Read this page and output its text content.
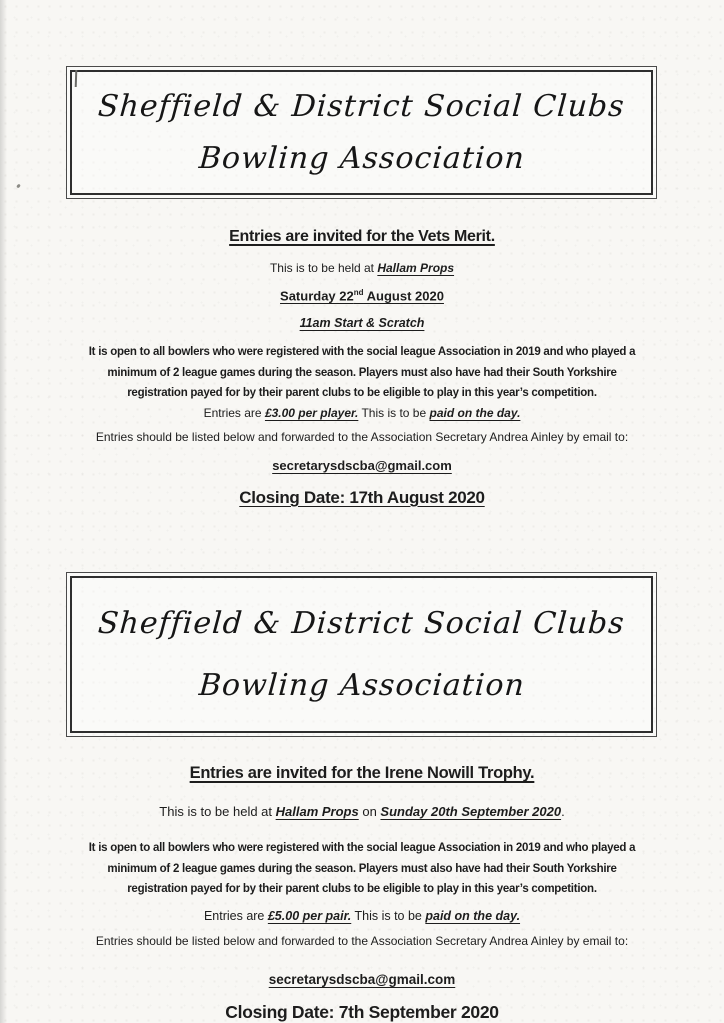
Sheffield & District Social Clubs
Bowling Association
Entries are invited for the Vets Merit.
This is to be held at Hallam Props
Saturday 22nd August 2020
11am Start & Scratch
It is open to all bowlers who were registered with the social league Association in 2019 and who played a
minimum of 2 league games during the season. Players must also have had their South Yorkshire
registration payed for by their parent clubs to be eligible to play in this year’s competition.
Entries are £3.00 per player. This is to be paid on the day.
Entries should be listed below and forwarded to the Association Secretary Andrea Ainley by email to:
secretarysdscba@gmail.com
Closing Date: 17th August 2020
Sheffield & District Social Clubs
Bowling Association
Entries are invited for the Irene Nowill Trophy.
This is to be held at Hallam Props on Sunday 20th September 2020.
It is open to all bowlers who were registered with the social league Association in 2019 and who played a
minimum of 2 league games during the season. Players must also have had their South Yorkshire
registration payed for by their parent clubs to be eligible to play in this year’s competition.
Entries are £5.00 per pair. This is to be paid on the day.
Entries should be listed below and forwarded to the Association Secretary Andrea Ainley by email to:
secretarysdscba@gmail.com
Closing Date: 7th September 2020
